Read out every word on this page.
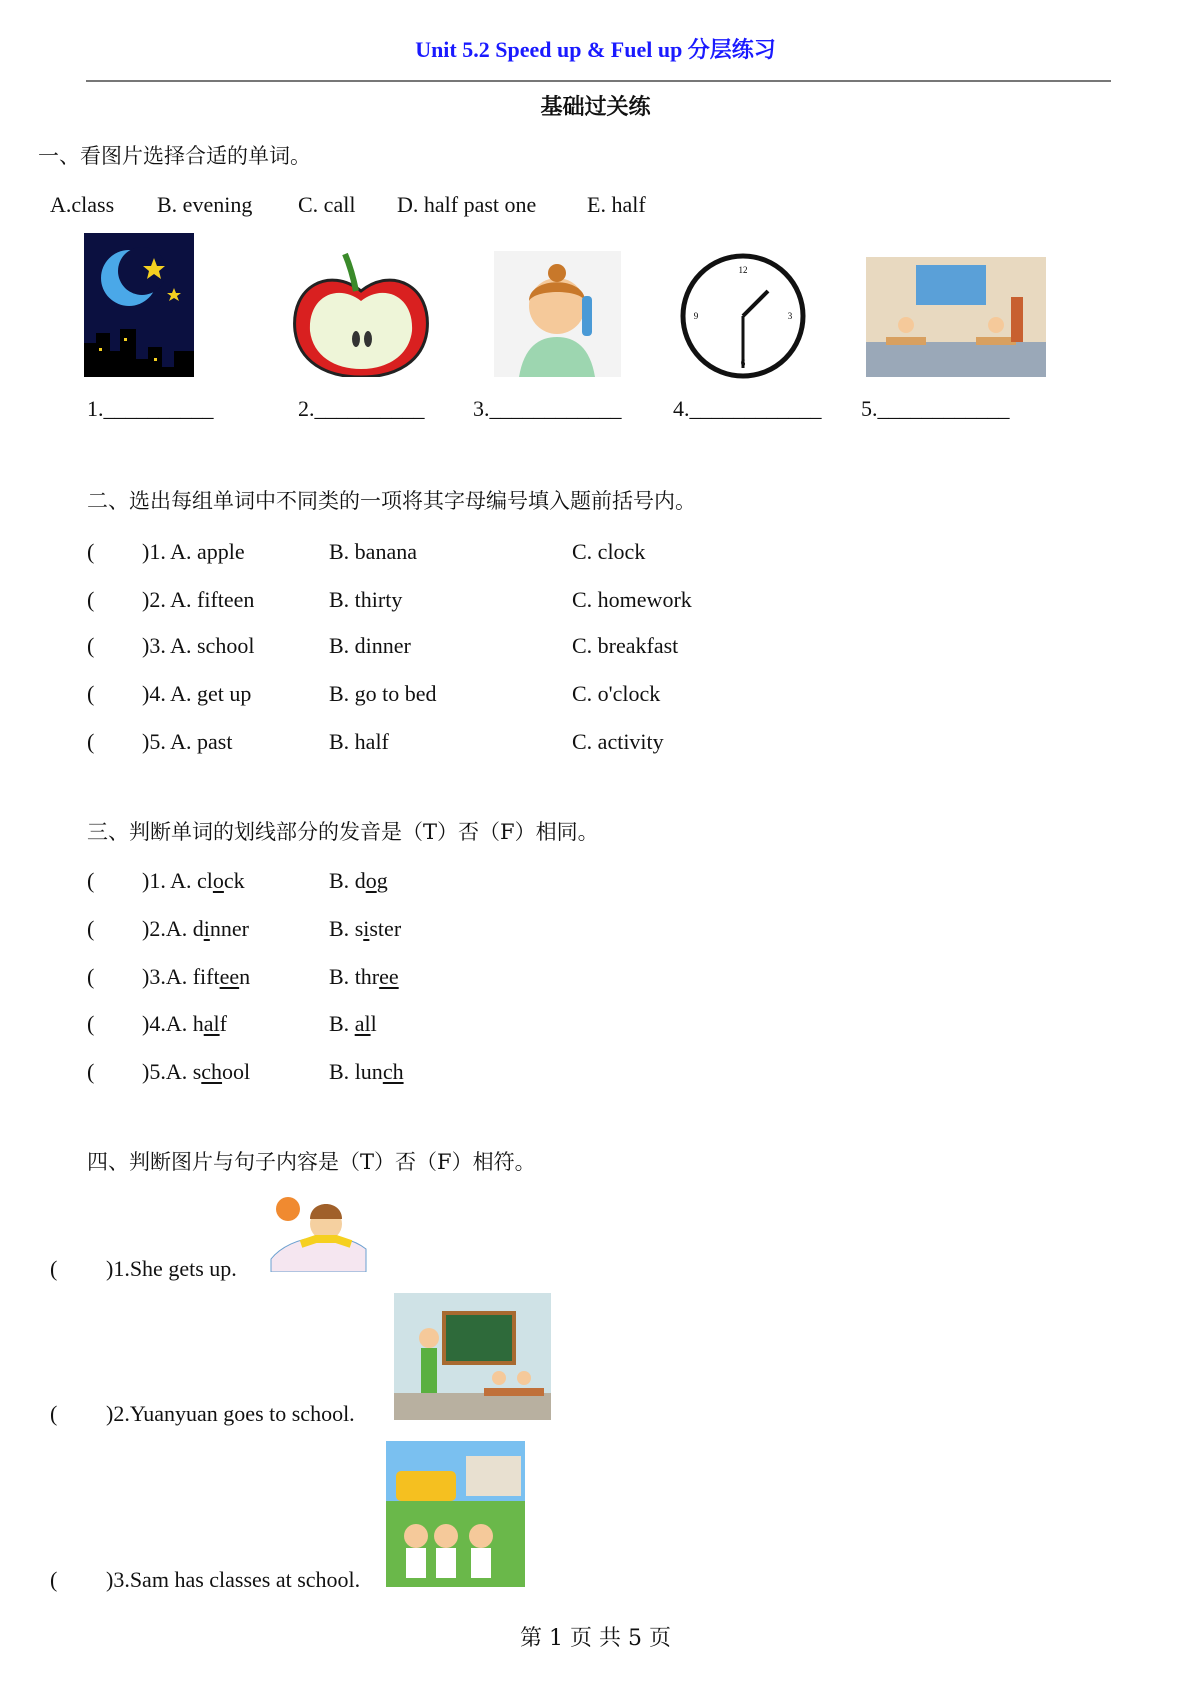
Unit 5.2 Speed up & Fuel up 分层练习
基础过关练
一、看图片选择合适的单词。
A.class B. evening C. call D. half past one E. half
12
3
6
9
1.__________	2.__________ 3.____________ 4.____________ 5.____________
二、选出每组单词中不同类的一项将其字母编号填入题前括号内。
( )1. A. apple	B. banana	C. clock
( )2. A. fifteen	B. thirty	C. homework
( )3. A. school	B. dinner	C. breakfast
( )4. A. get up	B. go to bed	C. o'clock
( )5. A. past	B. half	C. activity
三、判断单词的划线部分的发音是（T）否（F）相同。
( )1. A. clock	B. dog
( )2.A. dinner	B. sister
( )3.A. fifteen	B. three
( )4.A. half	B. all
( )5.A. school	B. lunch
四、判断图片与句子内容是（T）否（F）相符。
( )1.She gets up.
( )2.Yuanyuan goes to school.
( )3.Sam has classes at school.
第 1 页 共 5 页
